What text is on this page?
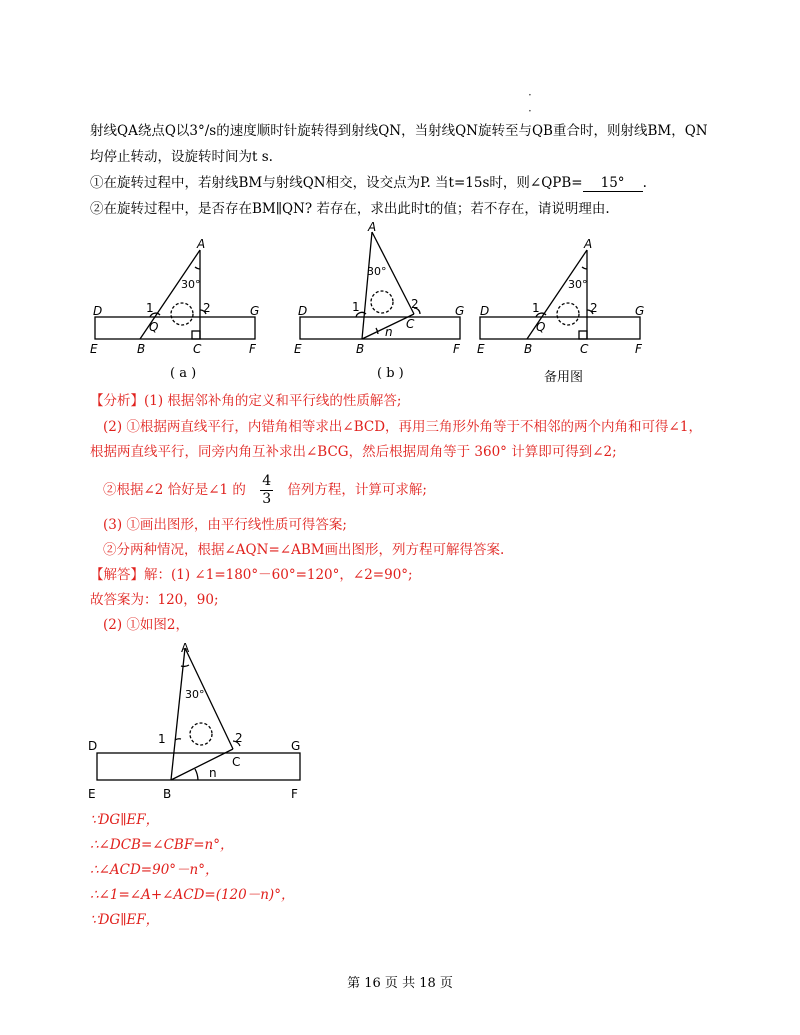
·
·
射线QA绕点Q以3°/s的速度顺时针旋转得到射线QN，当射线QN旋转至与QB重合时，则射线BM，QN
均停止转动，设旋转时间为t s.
①在旋转过程中，若射线BM与射线QN相交，设交点为P. 当t=15s时，则∠QPB= 15° .
②在旋转过程中，是否存在BM∥QN? 若存在，求出此时t的值；若不存在，请说明理由.
A
30°
D	1	2	G
Q
E	B	C	F
A
30°
D	1	2
C
G
n
E	B	F
A
30°
D	1	2	G
Q
E	B	C	F
( a )	( b )	备用图
【分析】(1) 根据邻补角的定义和平行线的性质解答;
(2) ①根据两直线平行，内错角相等求出∠BCD，再用三角形外角等于不相邻的两个内角和可得∠1，
根据两直线平行，同旁内角互补求出∠BCG，然后根据周角等于 360° 计算即可得到∠2;
②根据∠2 恰好是∠1 的 $\frac{4}{3}$ 倍列方程，计算可求解;
(3) ①画出图形，由平行线性质可得答案;
②分两种情况，根据∠AQN=∠ABM画出图形，列方程可解得答案.
【解答】解：(1) ∠1=180°－60°=120°，∠2=90°;
故答案为：120，90;
(2) ①如图2，
A
30°
D	1	2
C
G
n
E	B	F
∵DG∥EF，
∴∠DCB=∠CBF=n°，
∴∠ACD=90°－n°，
∴∠1=∠A+∠ACD=(120－n)°，
∵DG∥EF，
第 16 页 共 18 页
